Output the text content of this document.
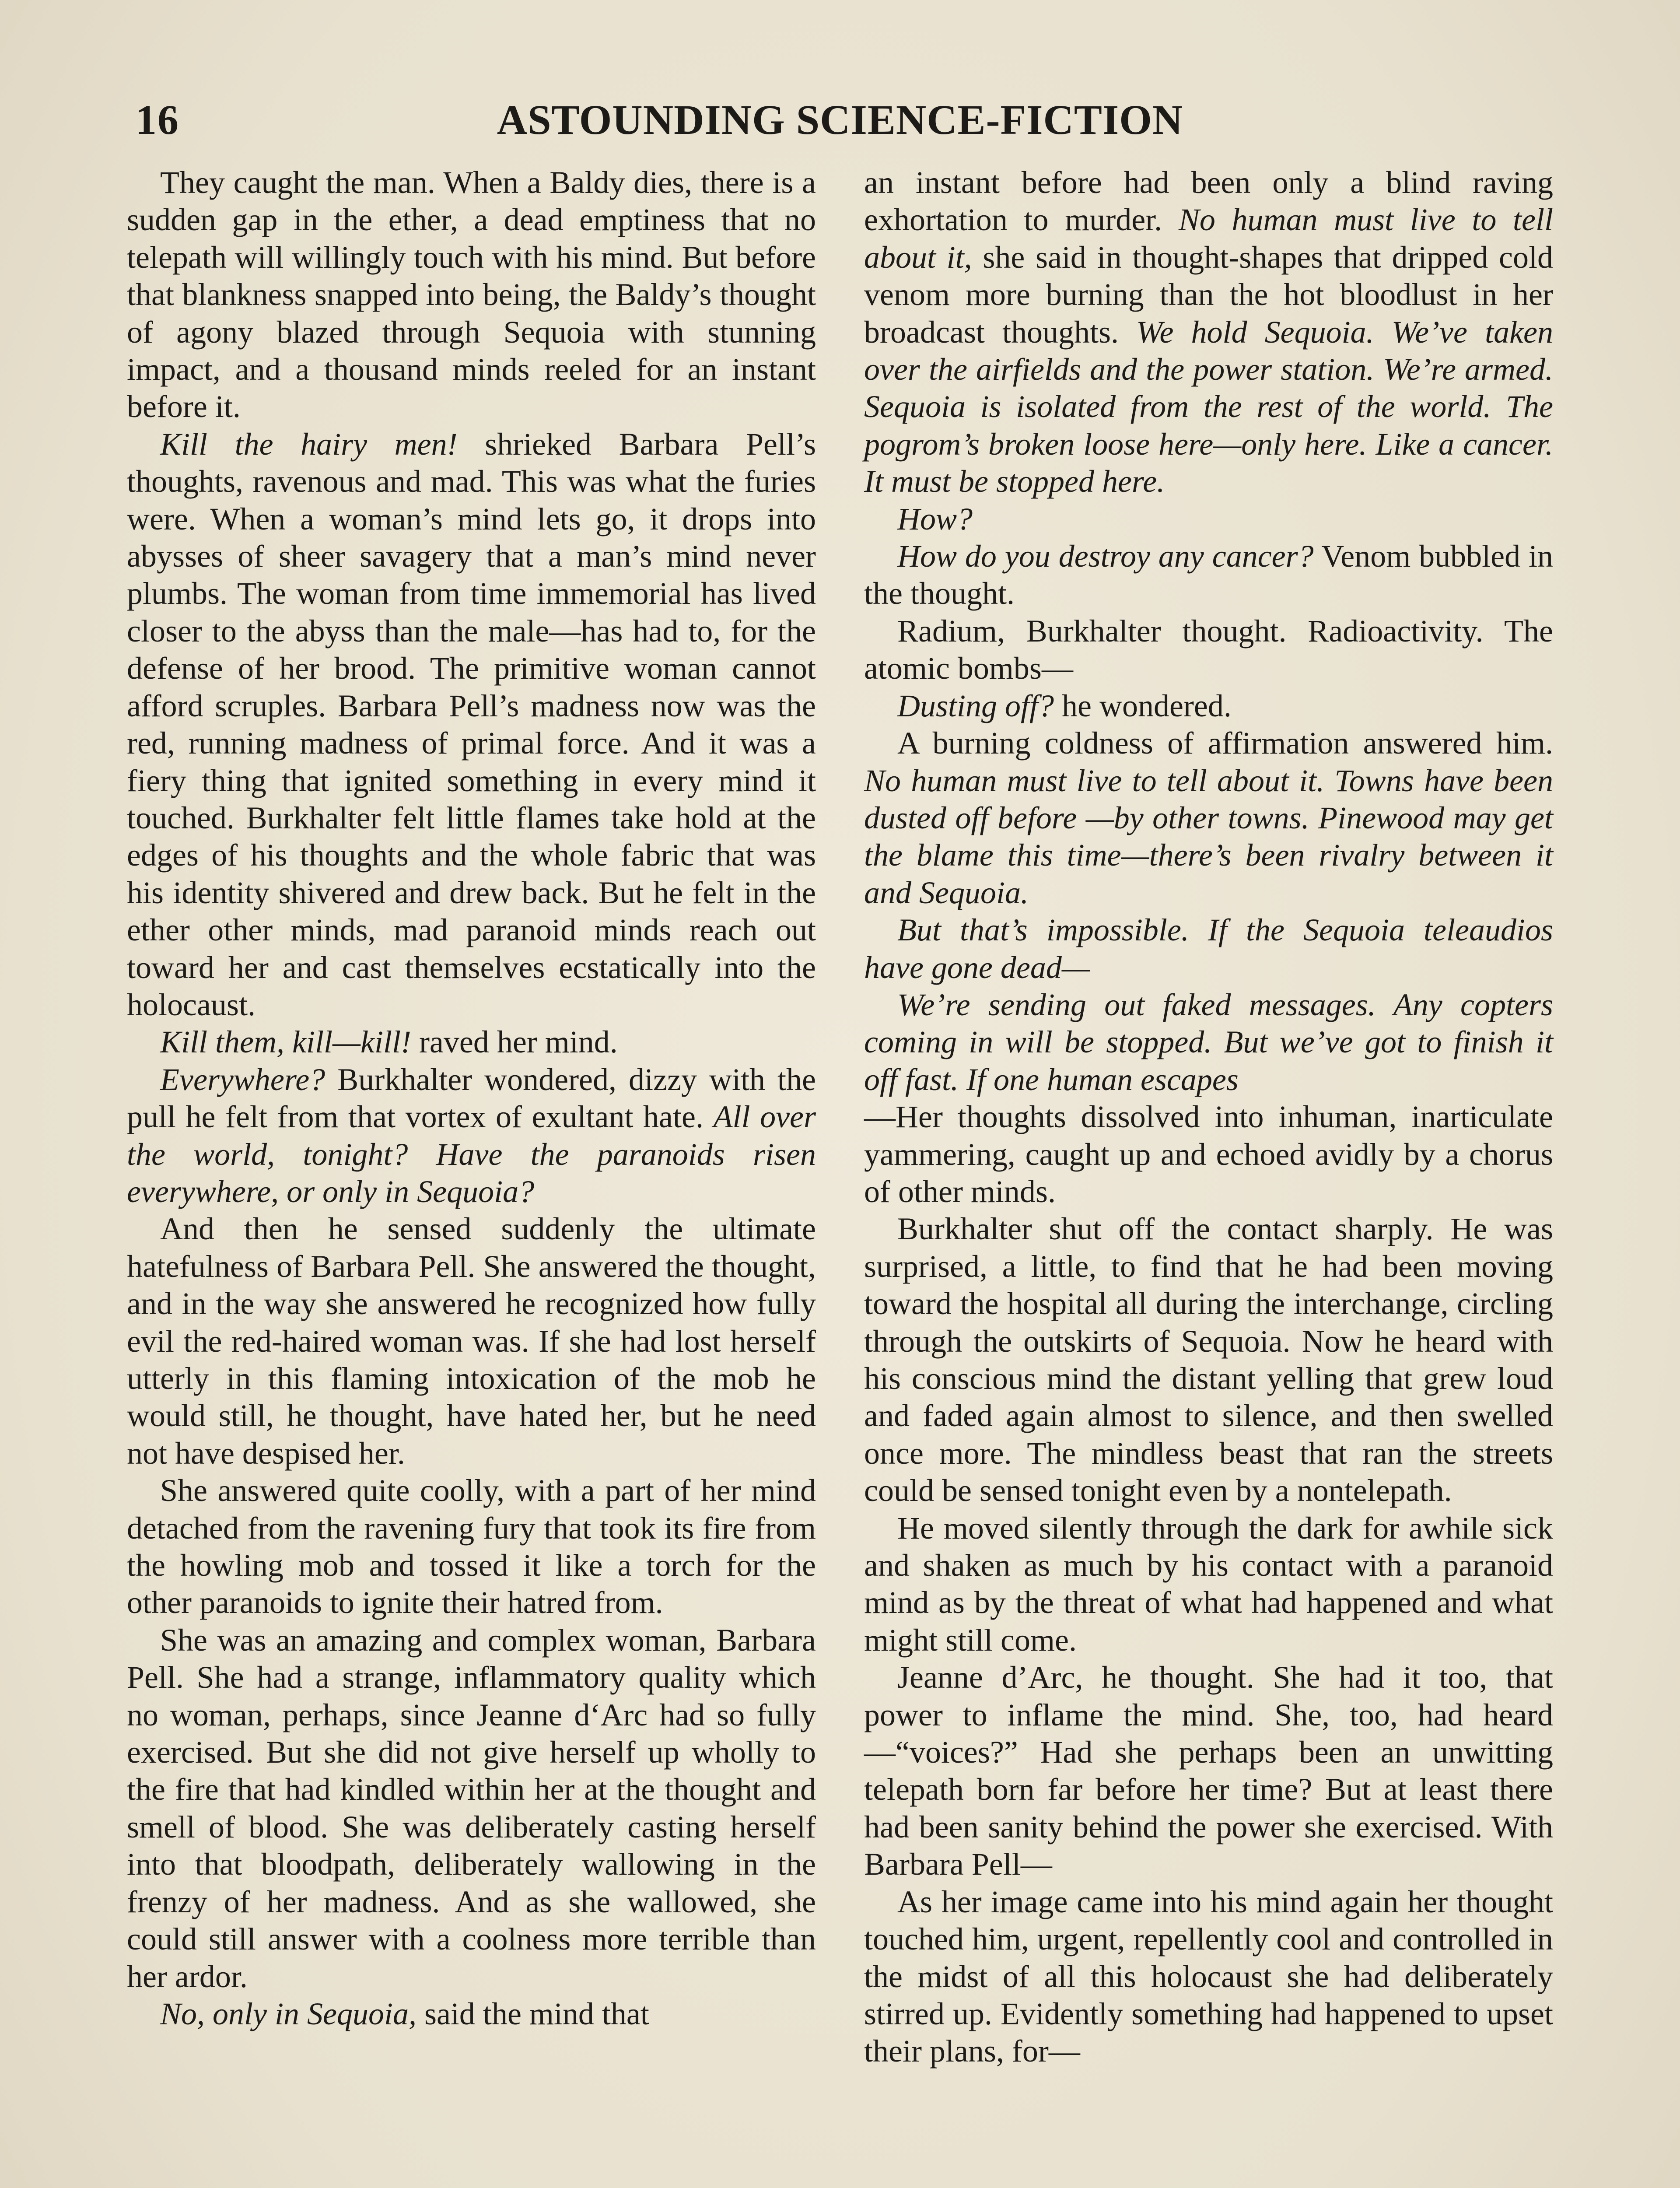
16	ASTOUNDING SCIENCE-FICTION

They caught the man. When a Baldy dies, there is a sudden gap in the ether, a dead emptiness that no telepath will willingly touch with his mind. But before that blankness snapped into being, the Baldy’s thought of agony blazed through Sequoia with stunning impact, and a thousand minds reeled for an instant before it.

Kill the hairy men! shrieked Barbara Pell’s thoughts, ravenous and mad. This was what the furies were. When a woman’s mind lets go, it drops into abysses of sheer savagery that a man’s mind never plumbs. The woman from time immemorial has lived closer to the abyss than the male—has had to, for the defense of her brood. The primitive woman cannot afford scruples. Barbara Pell’s madness now was the red, running madness of primal force. And it was a fiery thing that ignited something in every mind it touched. Burkhalter felt little flames take hold at the edges of his thoughts and the whole fabric that was his identity shivered and drew back. But he felt in the ether other minds, mad paranoid minds reach out toward her and cast themselves ecstatically into the holocaust.

Kill them, kill—kill! raved her mind.

Everywhere? Burkhalter wondered, dizzy with the pull he felt from that vortex of exultant hate. All over the world, tonight? Have the paranoids risen everywhere, or only in Sequoia?

And then he sensed suddenly the ultimate hatefulness of Barbara Pell. She answered the thought, and in the way she answered he recognized how fully evil the red-haired woman was. If she had lost herself utterly in this flaming intoxication of the mob he would still, he thought, have hated her, but he need not have despised her.

She answered quite coolly, with a part of her mind detached from the ravening fury that took its fire from the howling mob and tossed it like a torch for the other paranoids to ignite their hatred from.

She was an amazing and complex woman, Barbara Pell. She had a strange, inflammatory quality which no woman, perhaps, since Jeanne d‘Arc had so fully exercised. But she did not give herself up wholly to the fire that had kindled within her at the thought and smell of blood. She was deliberately casting herself into that bloodpath, deliberately wallowing in the frenzy of her madness. And as she wallowed, she could still answer with a coolness more terrible than her ardor.

No, only in Sequoia, said the mind that

an instant before had been only a blind raving exhortation to murder. No human must live to tell about it, she said in thought-shapes that dripped cold venom more burning than the hot bloodlust in her broadcast thoughts. We hold Sequoia. We’ve taken over the airfields and the power station. We’re armed. Sequoia is isolated from the rest of the world. The pogrom’s broken loose here—only here. Like a cancer. It must be stopped here.

How?

How do you destroy any cancer? Venom bubbled in the thought.

Radium, Burkhalter thought. Radioactivity. The atomic bombs—

Dusting off? he wondered.

A burning coldness of affirmation answered him. No human must live to tell about it. Towns have been dusted off before —by other towns. Pinewood may get the blame this time—there’s been rivalry between it and Sequoia.

But that’s impossible. If the Sequoia teleaudios have gone dead—

We’re sending out faked messages. Any copters coming in will be stopped. But we’ve got to finish it off fast. If one human escapes

—Her thoughts dissolved into inhuman, inarticulate yammering, caught up and echoed avidly by a chorus of other minds.

Burkhalter shut off the contact sharply. He was surprised, a little, to find that he had been moving toward the hospital all during the interchange, circling through the outskirts of Sequoia. Now he heard with his conscious mind the distant yelling that grew loud and faded again almost to silence, and then swelled once more. The mindless beast that ran the streets could be sensed tonight even by a nontelepath.

He moved silently through the dark for awhile sick and shaken as much by his contact with a paranoid mind as by the threat of what had happened and what might still come.

Jeanne d’Arc, he thought. She had it too, that power to inflame the mind. She, too, had heard—“voices?” Had she perhaps been an unwitting telepath born far before her time? But at least there had been sanity behind the power she exercised. With Barbara Pell—

As her image came into his mind again her thought touched him, urgent, repellently cool and controlled in the midst of all this holocaust she had deliberately stirred up. Evidently something had happened to upset their plans, for—
